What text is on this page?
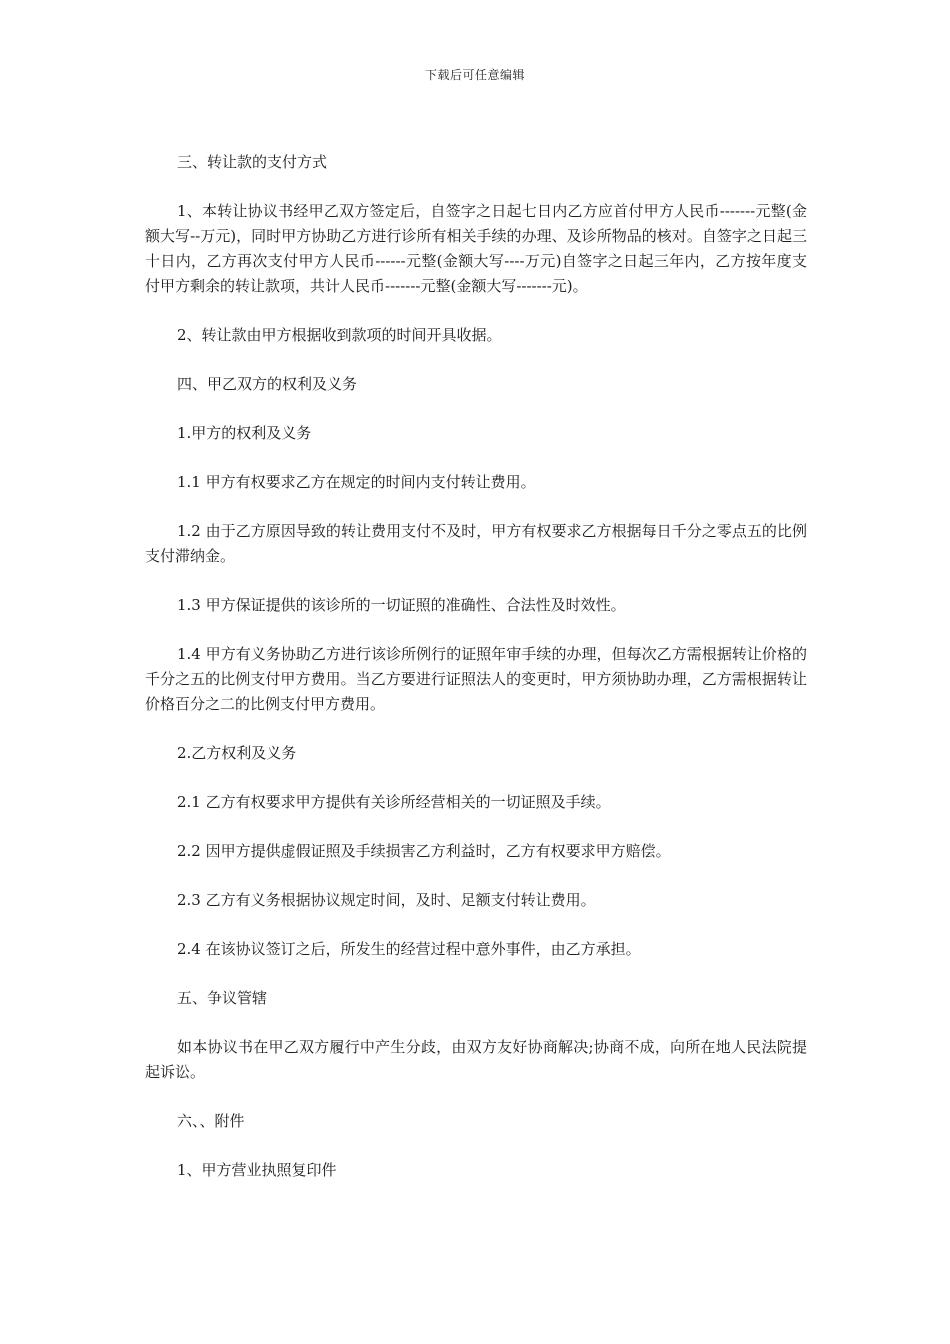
下载后可任意编辑

三、转让款的支付方式

1、本转让协议书经甲乙双方签定后，自签字之日起七日内乙方应首付甲方人民币-------元整(金额大写--万元)，同时甲方协助乙方进行诊所有相关手续的办理、及诊所物品的核对。自签字之日起三十日内，乙方再次支付甲方人民币------元整(金额大写----万元)自签字之日起三年内，乙方按年度支付甲方剩余的转让款项，共计人民币-------元整(金额大写-------元)。

2、转让款由甲方根据收到款项的时间开具收据。

四、甲乙双方的权利及义务

1.甲方的权利及义务

1.1 甲方有权要求乙方在规定的时间内支付转让费用。

1.2 由于乙方原因导致的转让费用支付不及时，甲方有权要求乙方根据每日千分之零点五的比例支付滞纳金。

1.3 甲方保证提供的该诊所的一切证照的准确性、合法性及时效性。

1.4 甲方有义务协助乙方进行该诊所例行的证照年审手续的办理，但每次乙方需根据转让价格的千分之五的比例支付甲方费用。当乙方要进行证照法人的变更时，甲方须协助办理，乙方需根据转让价格百分之二的比例支付甲方费用。

2.乙方权利及义务

2.1 乙方有权要求甲方提供有关诊所经营相关的一切证照及手续。

2.2 因甲方提供虚假证照及手续损害乙方利益时，乙方有权要求甲方赔偿。

2.3 乙方有义务根据协议规定时间，及时、足额支付转让费用。

2.4 在该协议签订之后，所发生的经营过程中意外事件，由乙方承担。

五、争议管辖

如本协议书在甲乙双方履行中产生分歧，由双方友好协商解决;协商不成，向所在地人民法院提起诉讼。

六、、附件

1、甲方营业执照复印件
